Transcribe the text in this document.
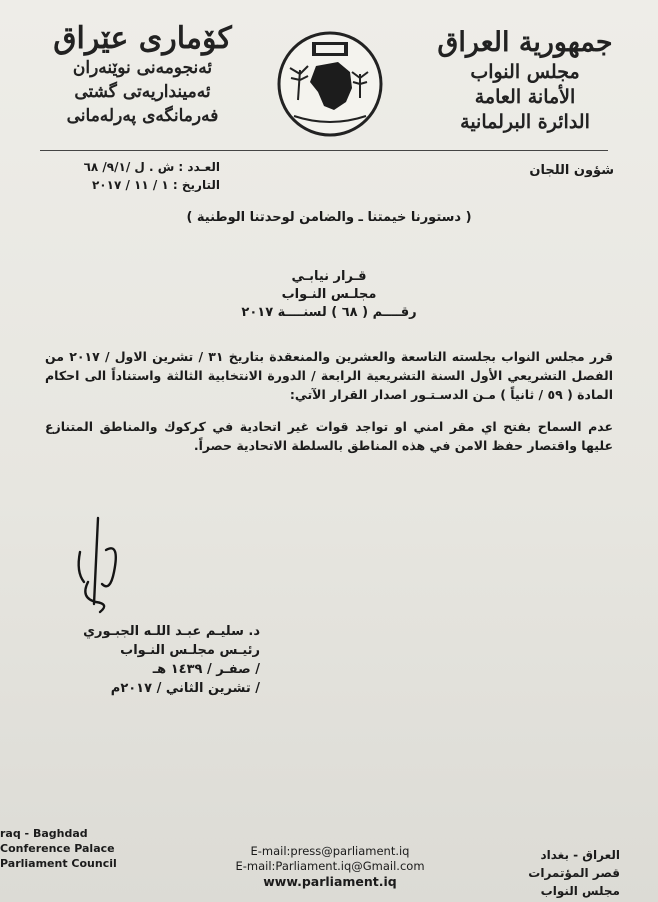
کۆماری عێراق
ئەنجومەنی نوێنەران
ئەمینداریەتی گشتی
فەرمانگەی پەرلەمانی
جمهورية العراق
مجلس النواب
الأمانة العامة
الدائرة البرلمانية
العـدد : ش . ل /٩/١/ ٦٨
التاريخ : ١ / ١١ / ٢٠١٧
شؤون اللجان
( دستورنا خيمتنا ـ والضامن لوحدتنا الوطنية )
قـرار نيابـي
مجلـس النـواب
رقــــم ( ٦٨ ) لسنــــة ٢٠١٧
قرر مجلس النواب بجلسته التاسعة والعشرين والمنعقدة بتاريخ ٣١ / تشرين الاول / ٢٠١٧ من الفصل التشريعي الأول السنة التشريعية الرابعة / الدورة الانتخابية الثالثة واستناداً الى احكام المادة ( ٥٩ / ثانياً ) مـن الدسـتـور اصدار القرار الآتي:
عدم السماح بفتح اي مقر امني او تواجد قوات غير اتحادية في كركوك والمناطق المتنازع عليها واقتصار حفظ الامن في هذه المناطق بالسلطة الاتحادية حصراً.
د. سليـم عبـد اللـه الجبـوري
رئيـس مجلـس النـواب
/ صفـر / ١٤٣٩ هـ
/ تشرين الثاني / ٢٠١٧م
raq - Baghdad
Conference Palace
Parliament Council
E-mail:press@parliament.iq
E-mail:Parliament.iq@Gmail.com
www.parliament.iq
العراق - بغداد
قصر المؤتمرات
مجلس النواب
